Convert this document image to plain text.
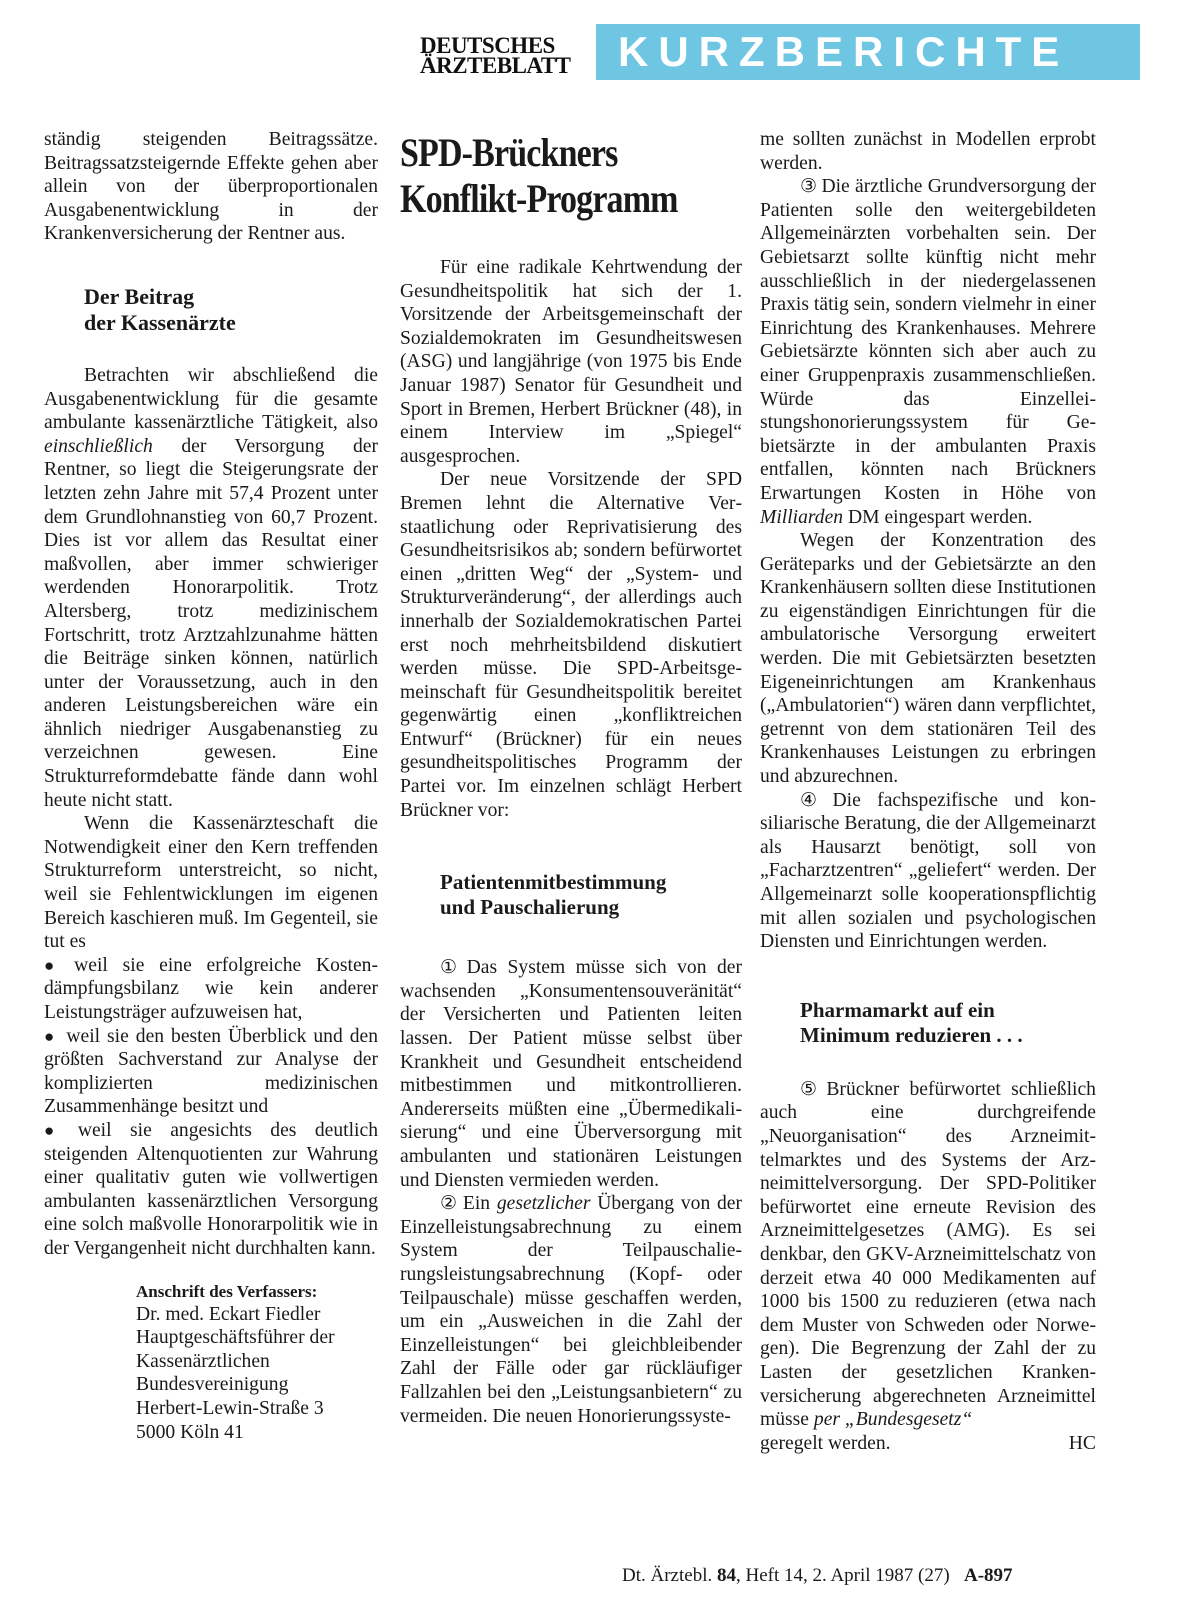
DEUTSCHES
ÄRZTEBLATT KURZBERICHTE

ständig steigenden Beitragssätze. Beitragssatzsteigernde Effekte gehen aber allein von der überproportionalen Ausgabenentwicklung in der Krankenversicherung der Rentner aus.

Der Beitrag
der Kassenärzte

Betrachten wir abschließend die Ausgabenentwicklung für die gesamte ambulante kassenärztliche Tätigkeit, also einschließlich der Versorgung der Rentner, so liegt die Steigerungsrate der letzten zehn Jahre mit 57,4 Prozent unter dem Grundlohnanstieg von 60,7 Prozent. Dies ist vor allem das Resultat einer maßvollen, aber immer schwieriger werdenden Honorarpolitik. Trotz Altersberg, trotz medizinischem Fortschritt, trotz Arztzahlzunahme hätten die Beiträge sinken können, natürlich unter der Voraussetzung, auch in den anderen Leistungsbereichen wäre ein ähnlich niedriger Ausgabenanstieg zu verzeichnen gewesen. Eine Strukturreformdebatte fände dann wohl heute nicht statt.

Wenn die Kassenärzteschaft die Notwendigkeit einer den Kern treffenden Strukturreform unterstreicht, so nicht, weil sie Fehlentwicklungen im eigenen Bereich kaschieren muß. Im Gegenteil, sie tut es

● weil sie eine erfolgreiche Kostendämpfungsbilanz wie kein anderer Leistungsträger aufzuweisen hat,

● weil sie den besten Überblick und den größten Sachverstand zur Analyse der komplizierten medizinischen Zusammenhänge besitzt und

● weil sie angesichts des deutlich steigenden Altenquotienten zur Wahrung einer qualitativ guten wie vollwertigen ambulanten kassenärztlichen Versorgung eine solch maßvolle Honorarpolitik wie in der Vergangenheit nicht durchhalten kann.

Anschrift des Verfassers:
Dr. med. Eckart Fiedler
Hauptgeschäftsführer der
Kassenärztlichen
Bundesvereinigung
Herbert-Lewin-Straße 3
5000 Köln 41
SPD-Brückners
Konflikt-Programm

Für eine radikale Kehrtwendung der Gesundheitspolitik hat sich der 1. Vorsitzende der Arbeitsgemeinschaft der Sozialdemokraten im Gesundheitswesen (ASG) und langjährige (von 1975 bis Ende Januar 1987) Senator für Gesundheit und Sport in Bremen, Herbert Brückner (48), in einem Interview im „Spiegel“ ausgesprochen.

Der neue Vorsitzende der SPD Bremen lehnt die Alternative Verstaatlichung oder Reprivatisierung des Gesundheitsrisikos ab; sondern befürwortet einen „dritten Weg“ der „System- und Strukturveränderung“, der allerdings auch innerhalb der Sozialdemokratischen Partei erst noch mehrheitsbildend diskutiert werden müsse. Die SPD-Arbeitsgemeinschaft für Gesundheitspolitik bereitet gegenwärtig einen „konfliktreichen Entwurf“ (Brückner) für ein neues gesundheitspolitisches Programm der Partei vor. Im einzelnen schlägt Herbert Brückner vor:

Patientenmitbestimmung
und Pauschalierung

① Das System müsse sich von der wachsenden „Konsumentensouveränität“ der Versicherten und Patienten leiten lassen. Der Patient müsse selbst über Krankheit und Gesundheit entscheidend mitbestimmen und mitkontrollieren. Andererseits müßten eine „Übermedikalisierung“ und eine Überversorgung mit ambulanten und stationären Leistungen und Diensten vermieden werden.

② Ein gesetzlicher Übergang von der Einzelleistungsabrechnung zu einem System der Teilpauschalierungsleistungsabrechnung (Kopf- oder Teilpauschale) müsse geschaffen werden, um ein „Ausweichen in die Zahl der Einzelleistungen“ bei gleichbleibender Zahl der Fälle oder gar rückläufiger Fallzahlen bei den „Leistungsanbietern“ zu vermeiden. Die neuen Honorierungssyste-

me sollten zunächst in Modellen erprobt werden.

③ Die ärztliche Grundversorgung der Patienten solle den weitergebildeten Allgemeinärzten vorbehalten sein. Der Gebietsarzt sollte künftig nicht mehr ausschließlich in der niedergelassenen Praxis tätig sein, sondern vielmehr in einer Einrichtung des Krankenhauses. Mehrere Gebietsärzte könnten sich aber auch zu einer Gruppenpraxis zusammenschließen. Würde das Einzelleistungshonorierungssystem für Gebietsärzte in der ambulanten Praxis entfallen, könnten nach Brückners Erwartungen Kosten in Höhe von Milliarden DM eingespart werden.

Wegen der Konzentration des Geräteparks und der Gebietsärzte an den Krankenhäusern sollten diese Institutionen zu eigenständigen Einrichtungen für die ambulatorische Versorgung erweitert werden. Die mit Gebietsärzten besetzten Eigeneinrichtungen am Krankenhaus („Ambulatorien“) wären dann verpflichtet, getrennt von dem stationären Teil des Krankenhauses Leistungen zu erbringen und abzurechnen.

④ Die fachspezifische und konsiliarische Beratung, die der Allgemeinarzt als Hausarzt benötigt, soll von „Facharztzentren“ „geliefert“ werden. Der Allgemeinarzt solle kooperationspflichtig mit allen sozialen und psychologischen Diensten und Einrichtungen werden.

Pharmamarkt auf ein
Minimum reduzieren . . .

⑤ Brückner befürwortet schließlich auch eine durchgreifende „Neuorganisation“ des Arzneimittelmarktes und des Systems der Arzneimittelversorgung. Der SPD-Politiker befürwortet eine erneute Revision des Arzneimittelgesetzes (AMG). Es sei denkbar, den GKV-Arzneimittelschatz von derzeit etwa 40 000 Medikamenten auf 1000 bis 1500 zu reduzieren (etwa nach dem Muster von Schweden oder Norwegen). Die Begrenzung der Zahl der zu Lasten der gesetzlichen Krankenversicherung abgerechneten Arzneimittel müsse per „Bundesgesetz“

geregelt werden.	HC
Dt. Ärztebl. 84, Heft 14, 2. April 1987 (27) A-897
